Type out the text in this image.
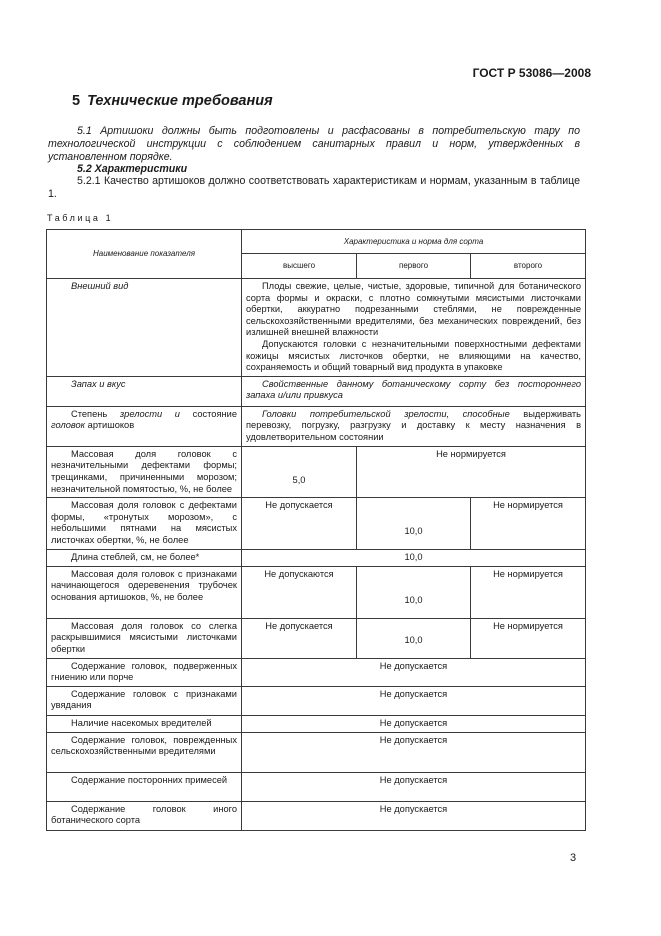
ГОСТ Р 53086—2008
5 Технические требования
5.1 Артишоки должны быть подготовлены и расфасованы в потребительскую тару по технологической инструкции с соблюдением санитарных правил и норм, утвержденных в установленном порядке.
5.2 Характеристики
5.2.1 Качество артишоков должно соответствовать характеристикам и нормам, указанным в таблице 1.
Таблица 1
Наименование показателя	Характеристика и норма для сорта		
	высшего	первого	второго
Внешний вид	Плоды свежие, целые, чистые, здоровые, типичной для ботанического сорта формы и окраски, с плотно сомкнутыми мясистыми листочками обертки, аккуратно подрезанными стеблями, не поврежденные сельскохозяйственными вредителями, без механических повреждений, без излишней внешней влажности
Допускаются головки с незначительными поверхностными дефектами кожицы мясистых листочков обертки, не влияющими на качество, сохраняемость и общий товарный вид продукта в упаковке		

Запах и вкус	Свойственные данному ботаническому сорту без постороннего запаха и/или привкуса		
Степень зрелости и состояние головок артишоков	Головки потребительской зрелости, способные выдерживать перевозку, погрузку, разгрузку и доставку к месту назначения в удовлетворительном состоянии		
Массовая доля головок с незначительными дефектами формы; трещинками, причиненными морозом; незначительной помятостью, %, не более	5,0	Не нормируется	
Массовая доля головок с дефектами формы, «тронутых морозом», с небольшими пятнами на мясистых листочках обертки, %, не более	Не допускается	10,0	Не нормируется
Длина стеблей, см, не более*	10,0		
Массовая доля головок с признаками начинающегося одеревенения трубочек основания артишоков, %, не более	Не допускаются	10,0	Не нормируется
Массовая доля головок со слегка раскрывшимися мясистыми листочками обертки	Не допускается	10,0	Не нормируется
Содержание головок, подверженных гниению или порче	Не допускается		
Содержание головок с признаками увядания	Не допускается		
Наличие насекомых вредителей	Не допускается		
Содержание головок, поврежденных сельскохозяйственными вредителями	Не допускается		
Содержание посторонних примесей	Не допускается		
Содержание головок иного ботанического сорта	Не допускается		
3
